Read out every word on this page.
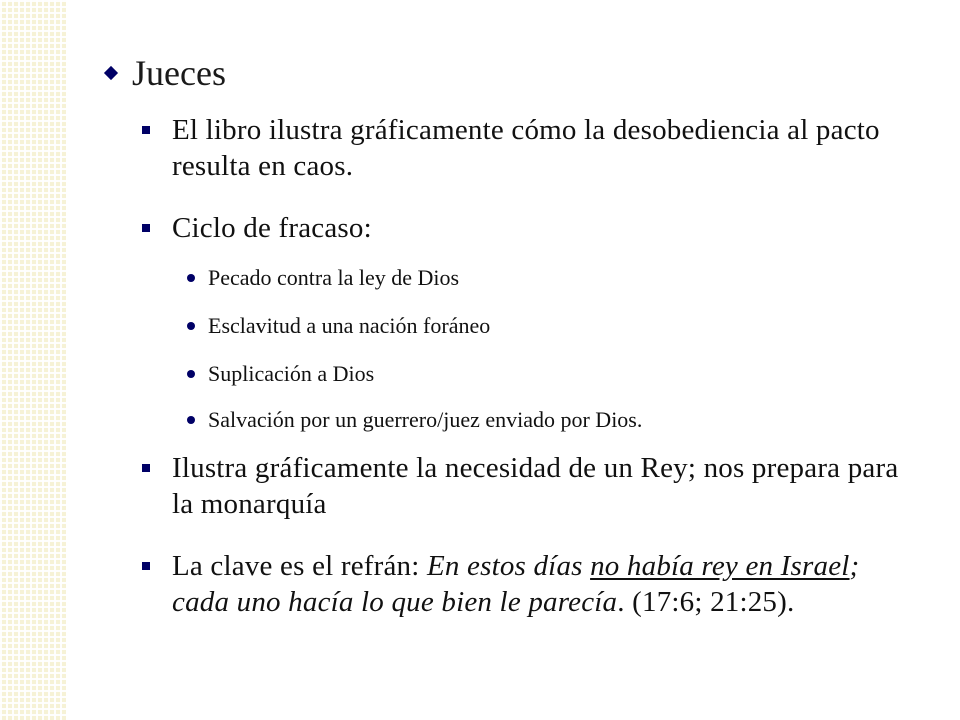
Jueces
El libro ilustra gráficamente cómo la desobediencia al pacto resulta en caos.
Ciclo de fracaso:
Pecado contra la ley de Dios
Esclavitud a una nación foráneo
Suplicación a Dios
Salvación por un guerrero/juez enviado por Dios.
Ilustra gráficamente la necesidad de un Rey; nos prepara para la monarquía
La clave es el refrán: En estos días no había rey en Israel; cada uno hacía lo que bien le parecía. (17:6; 21:25).
